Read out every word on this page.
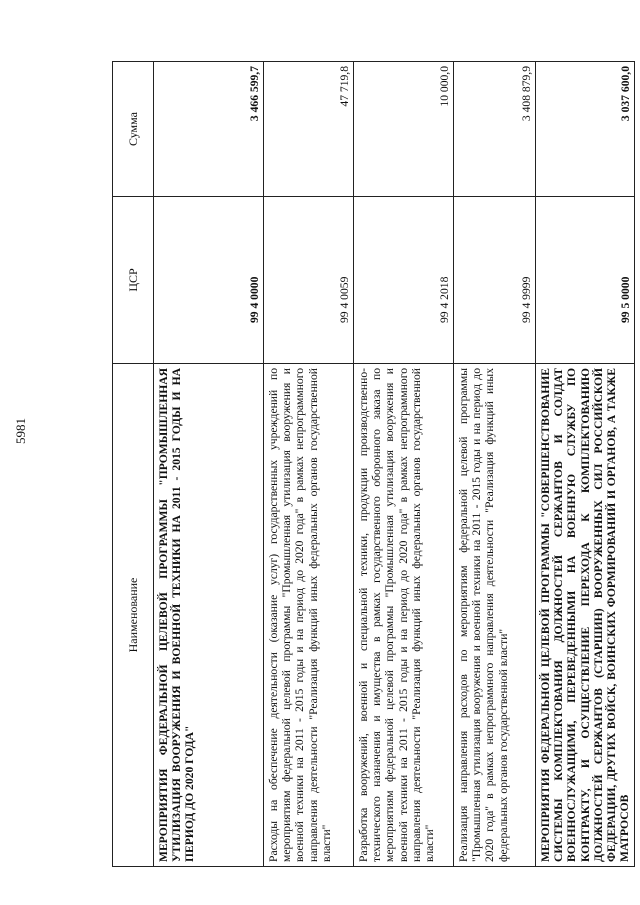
5981
Наименование	ЦСР	Сумма
МЕРОПРИЯТИЯ ФЕДЕРАЛЬНОЙ ЦЕЛЕВОЙ ПРОГРАММЫ "ПРОМЫШЛЕННАЯ УТИЛИЗАЦИЯ ВООРУЖЕНИЯ И ВОЕННОЙ ТЕХНИКИ НА 2011 - 2015 ГОДЫ И НА ПЕРИОД ДО 2020 ГОДА"	99 4 0000	3 466 599,7
Расходы на обеспечение деятельности (оказание услуг) государственных учреждений по мероприятиям федеральной целевой программы "Промышленная утилизация вооружения и военной техники на 2011 - 2015 годы и на период до 2020 года" в рамках непрограммного направления деятельности "Реализация функций иных федеральных органов государственной власти"	99 4 0059	47 719,8
Разработка вооружений, военной и специальной техники, продукции производственно-технического назначения и имущества в рамках государственного оборонного заказа по мероприятиям федеральной целевой программы "Промышленная утилизация вооружения и военной техники на 2011 - 2015 годы и на период до 2020 года" в рамках непрограммного направления деятельности "Реализация функций иных федеральных органов государственной власти"	99 4 2018	10 000,0
Реализация направления расходов по мероприятиям федеральной целевой программы "Промышленная утилизация вооружения и военной техники на 2011 - 2015 годы и на период до 2020 года" в рамках непрограммного направления деятельности "Реализация функций иных федеральных органов государственной власти"	99 4 9999	3 408 879,9
МЕРОПРИЯТИЯ ФЕДЕРАЛЬНОЙ ЦЕЛЕВОЙ ПРОГРАММЫ "СОВЕРШЕНСТВОВАНИЕ СИСТЕМЫ КОМПЛЕКТОВАНИЯ ДОЛЖНОСТЕЙ СЕРЖАНТОВ И СОЛДАТ ВОЕННОСЛУЖАЩИМИ, ПЕРЕВЕДЕННЫМИ НА ВОЕННУЮ СЛУЖБУ ПО КОНТРАКТУ, И ОСУЩЕСТВЛЕНИЕ ПЕРЕХОДА К КОМПЛЕКТОВАНИЮ ДОЛЖНОСТЕЙ СЕРЖАНТОВ (СТАРШИН) ВООРУЖЕННЫХ СИЛ РОССИЙСКОЙ ФЕДЕРАЦИИ, ДРУГИХ ВОЙСК, ВОИНСКИХ ФОРМИРОВАНИЙ И ОРГАНОВ, А ТАКЖЕ МАТРОСОВ	99 5 0000	3 037 600,0
